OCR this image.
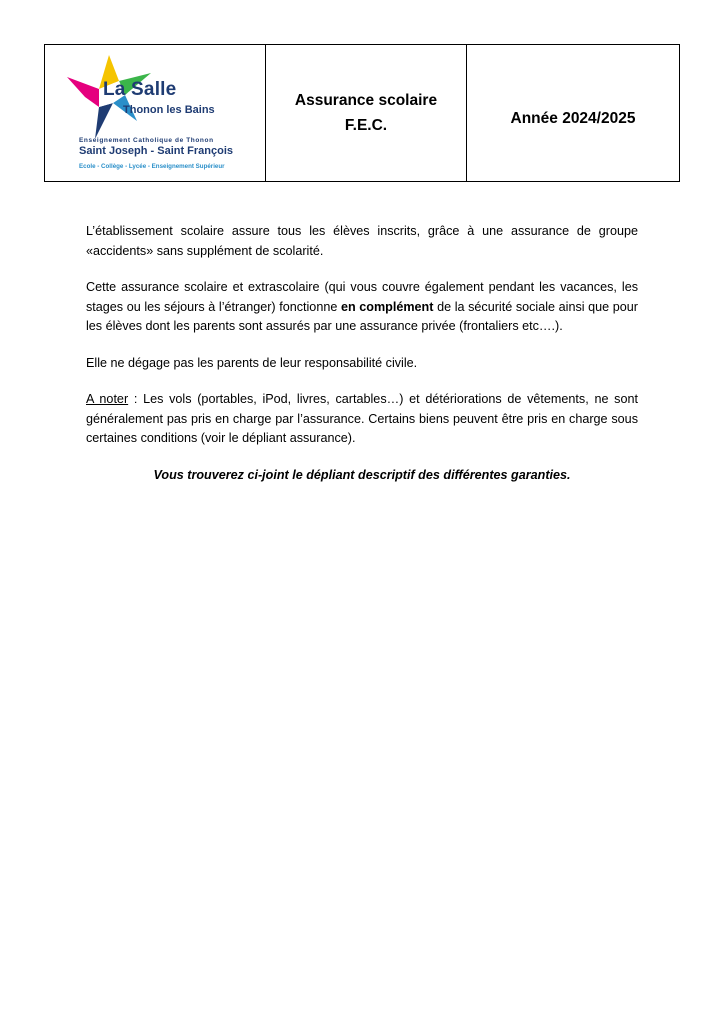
La Salle
Thonon les Bains
Enseignement Catholique de Thonon
Saint Joseph - Saint François
Ecole - Collège - Lycée - Enseignement Supérieur
Assurance scolaire
F.E.C.	Année 2024/2025

L’établissement scolaire assure tous les élèves inscrits, grâce à une assurance de groupe «accidents» sans supplément de scolarité.

Cette assurance scolaire et extrascolaire (qui vous couvre également pendant les vacances, les stages ou les séjours à l’étranger) fonctionne en complément de la sécurité sociale ainsi que pour les élèves dont les parents sont assurés par une assurance privée (frontaliers etc….).

Elle ne dégage pas les parents de leur responsabilité civile.

A noter : Les vols (portables, iPod, livres, cartables…) et détériorations de vêtements, ne sont généralement pas pris en charge par l’assurance. Certains biens peuvent être pris en charge sous certaines conditions (voir le dépliant assurance).

Vous trouverez ci-joint le dépliant descriptif des différentes garanties.
